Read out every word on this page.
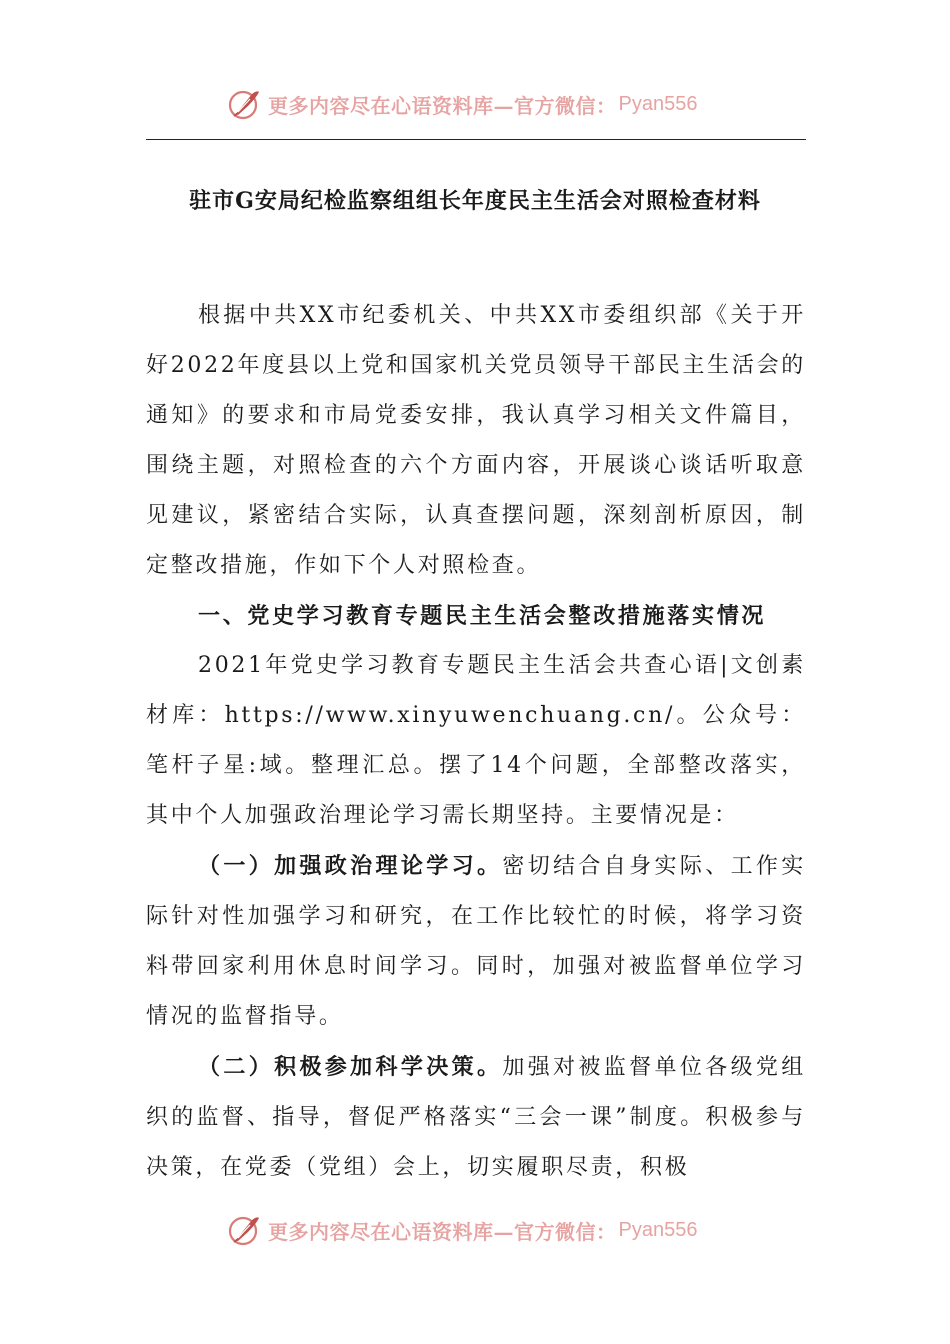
更多内容尽在心语资料库—官方微信： Pyan556
驻市G安局纪检监察组组长年度民主生活会对照检查材料

根据中共XX市纪委机关、中共XX市委组织部《关于开好2022年度县以上党和国家机关党员领导干部民主生活会的通知》的要求和市局党委安排，我认真学习相关文件篇目，围绕主题，对照检查的六个方面内容，开展谈心谈话听取意见建议，紧密结合实际，认真查摆问题，深刻剖析原因，制定整改措施，作如下个人对照检查。

一、党史学习教育专题民主生活会整改措施落实情况

2021年党史学习教育专题民主生活会共查心语|文创素材库：https://www.xinyuwenchuang.cn/。公众号：笔杆子星:域。整理汇总。摆了14个问题，全部整改落实，其中个人加强政治理论学习需长期坚持。主要情况是：

（一）加强政治理论学习。密切结合自身实际、工作实际针对性加强学习和研究，在工作比较忙的时候，将学习资料带回家利用休息时间学习。同时，加强对被监督单位学习情况的监督指导。

（二）积极参加科学决策。加强对被监督单位各级党组织的监督、指导，督促严格落实“三会一课”制度。积极参与决策，在党委（党组）会上，切实履职尽责，积极

更多内容尽在心语资料库—官方微信： Pyan556
